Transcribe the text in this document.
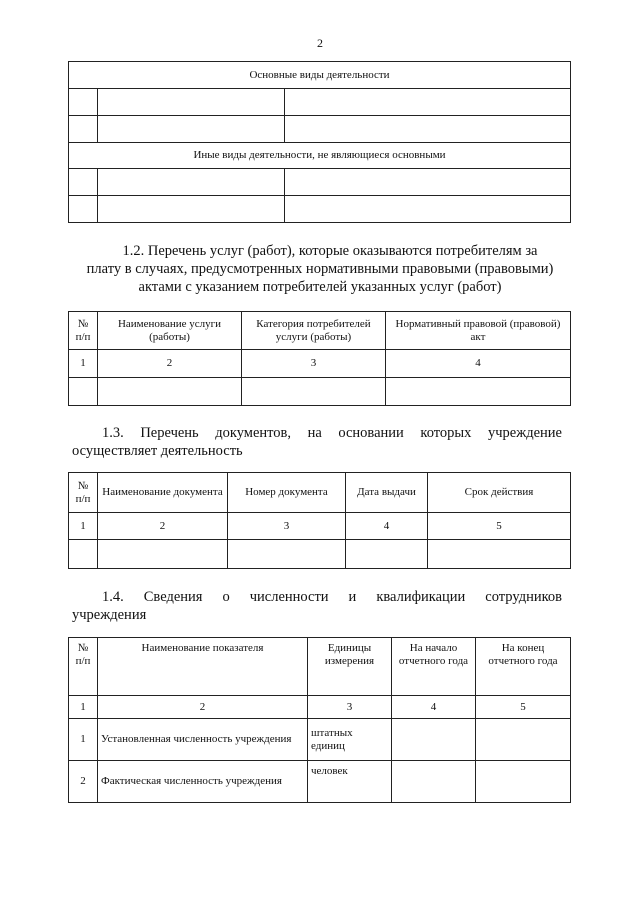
2
Основные виды деятельности		

Иные виды деятельности, не являющиеся основными		

1.2. Перечень услуг (работ), которые оказываются потребителям за
плату в случаях, предусмотренных нормативными правовыми (правовыми)
актами с указанием потребителей указанных услуг (работ)
№ п/п	Наименование услуги (работы)	Категория потребителей услуги (работы)	Нормативный правовой (правовой) акт
1	2	3	4

1.3. Перечень документов, на основании которых учреждение
осуществляет деятельность
№ п/п	Наименование документа	Номер документа	Дата выдачи	Срок действия
1	2	3	4	5

1.4. Сведения о численности и квалификации сотрудников
учреждения
№ п/п	Наименование показателя	Единицы измерения	На начало отчетного года	На конец отчетного года
1	2	3	4	5
1	Установленная численность учреждения	штатных единиц		
2	Фактическая численность учреждения	человек		
